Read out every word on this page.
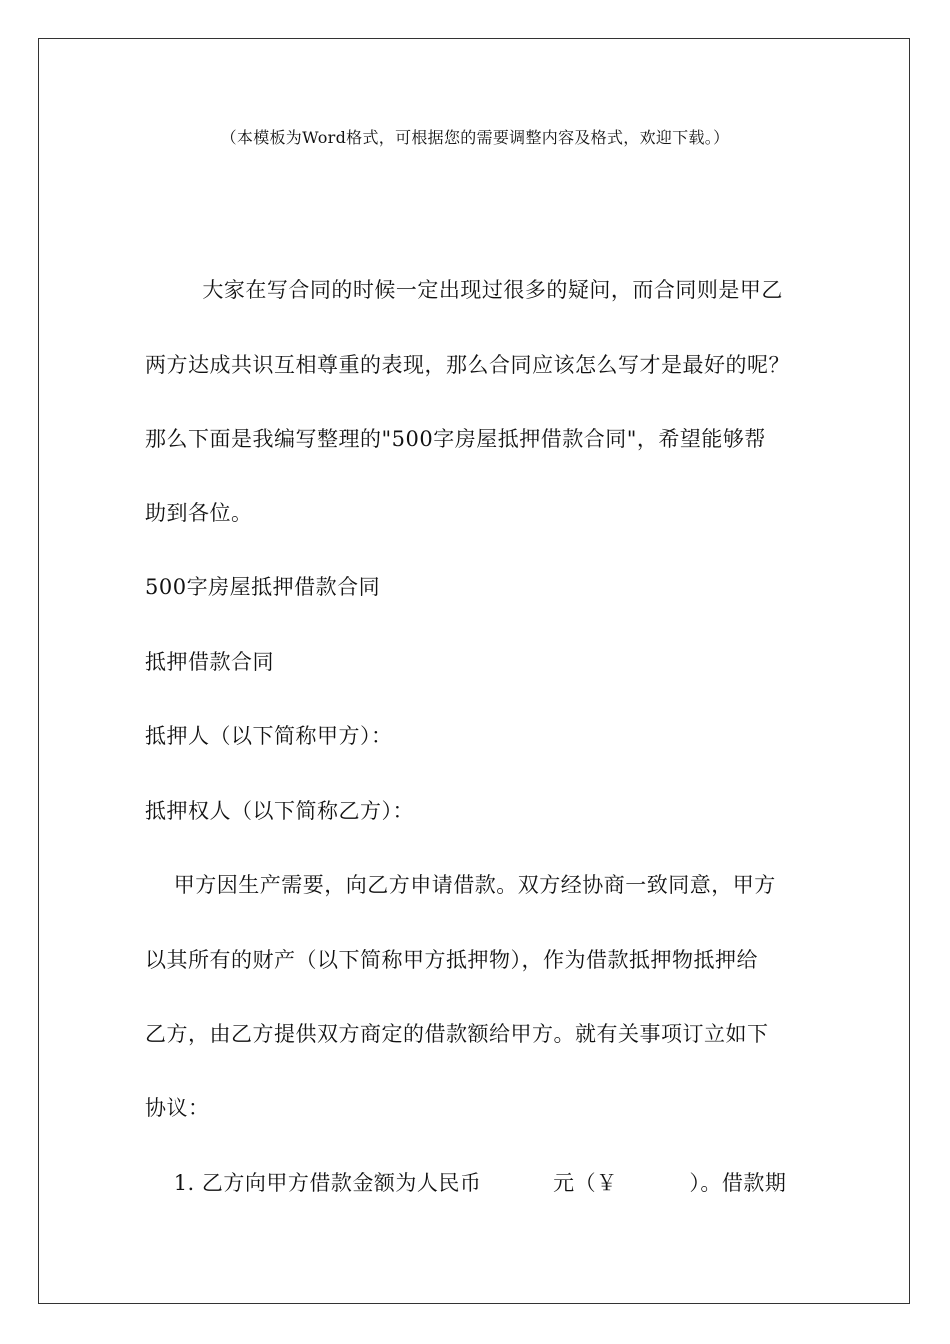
（本模板为Word格式，可根据您的需要调整内容及格式，欢迎下载。）
大家在写合同的时候一定出现过很多的疑问，而合同则是甲乙
两方达成共识互相尊重的表现，那么合同应该怎么写才是最好的呢？
那么下面是我编写整理的"500字房屋抵押借款合同"，希望能够帮
助到各位。
500字房屋抵押借款合同
抵押借款合同
抵押人（以下简称甲方）：
抵押权人（以下简称乙方）：
甲方因生产需要，向乙方申请借款。双方经协商一致同意，甲方
以其所有的财产（以下简称甲方抵押物），作为借款抵押物抵押给
乙方，由乙方提供双方商定的借款额给甲方。就有关事项订立如下
协议：
1. 乙方向甲方借款金额为人民币          元（￥          ）。借款期
